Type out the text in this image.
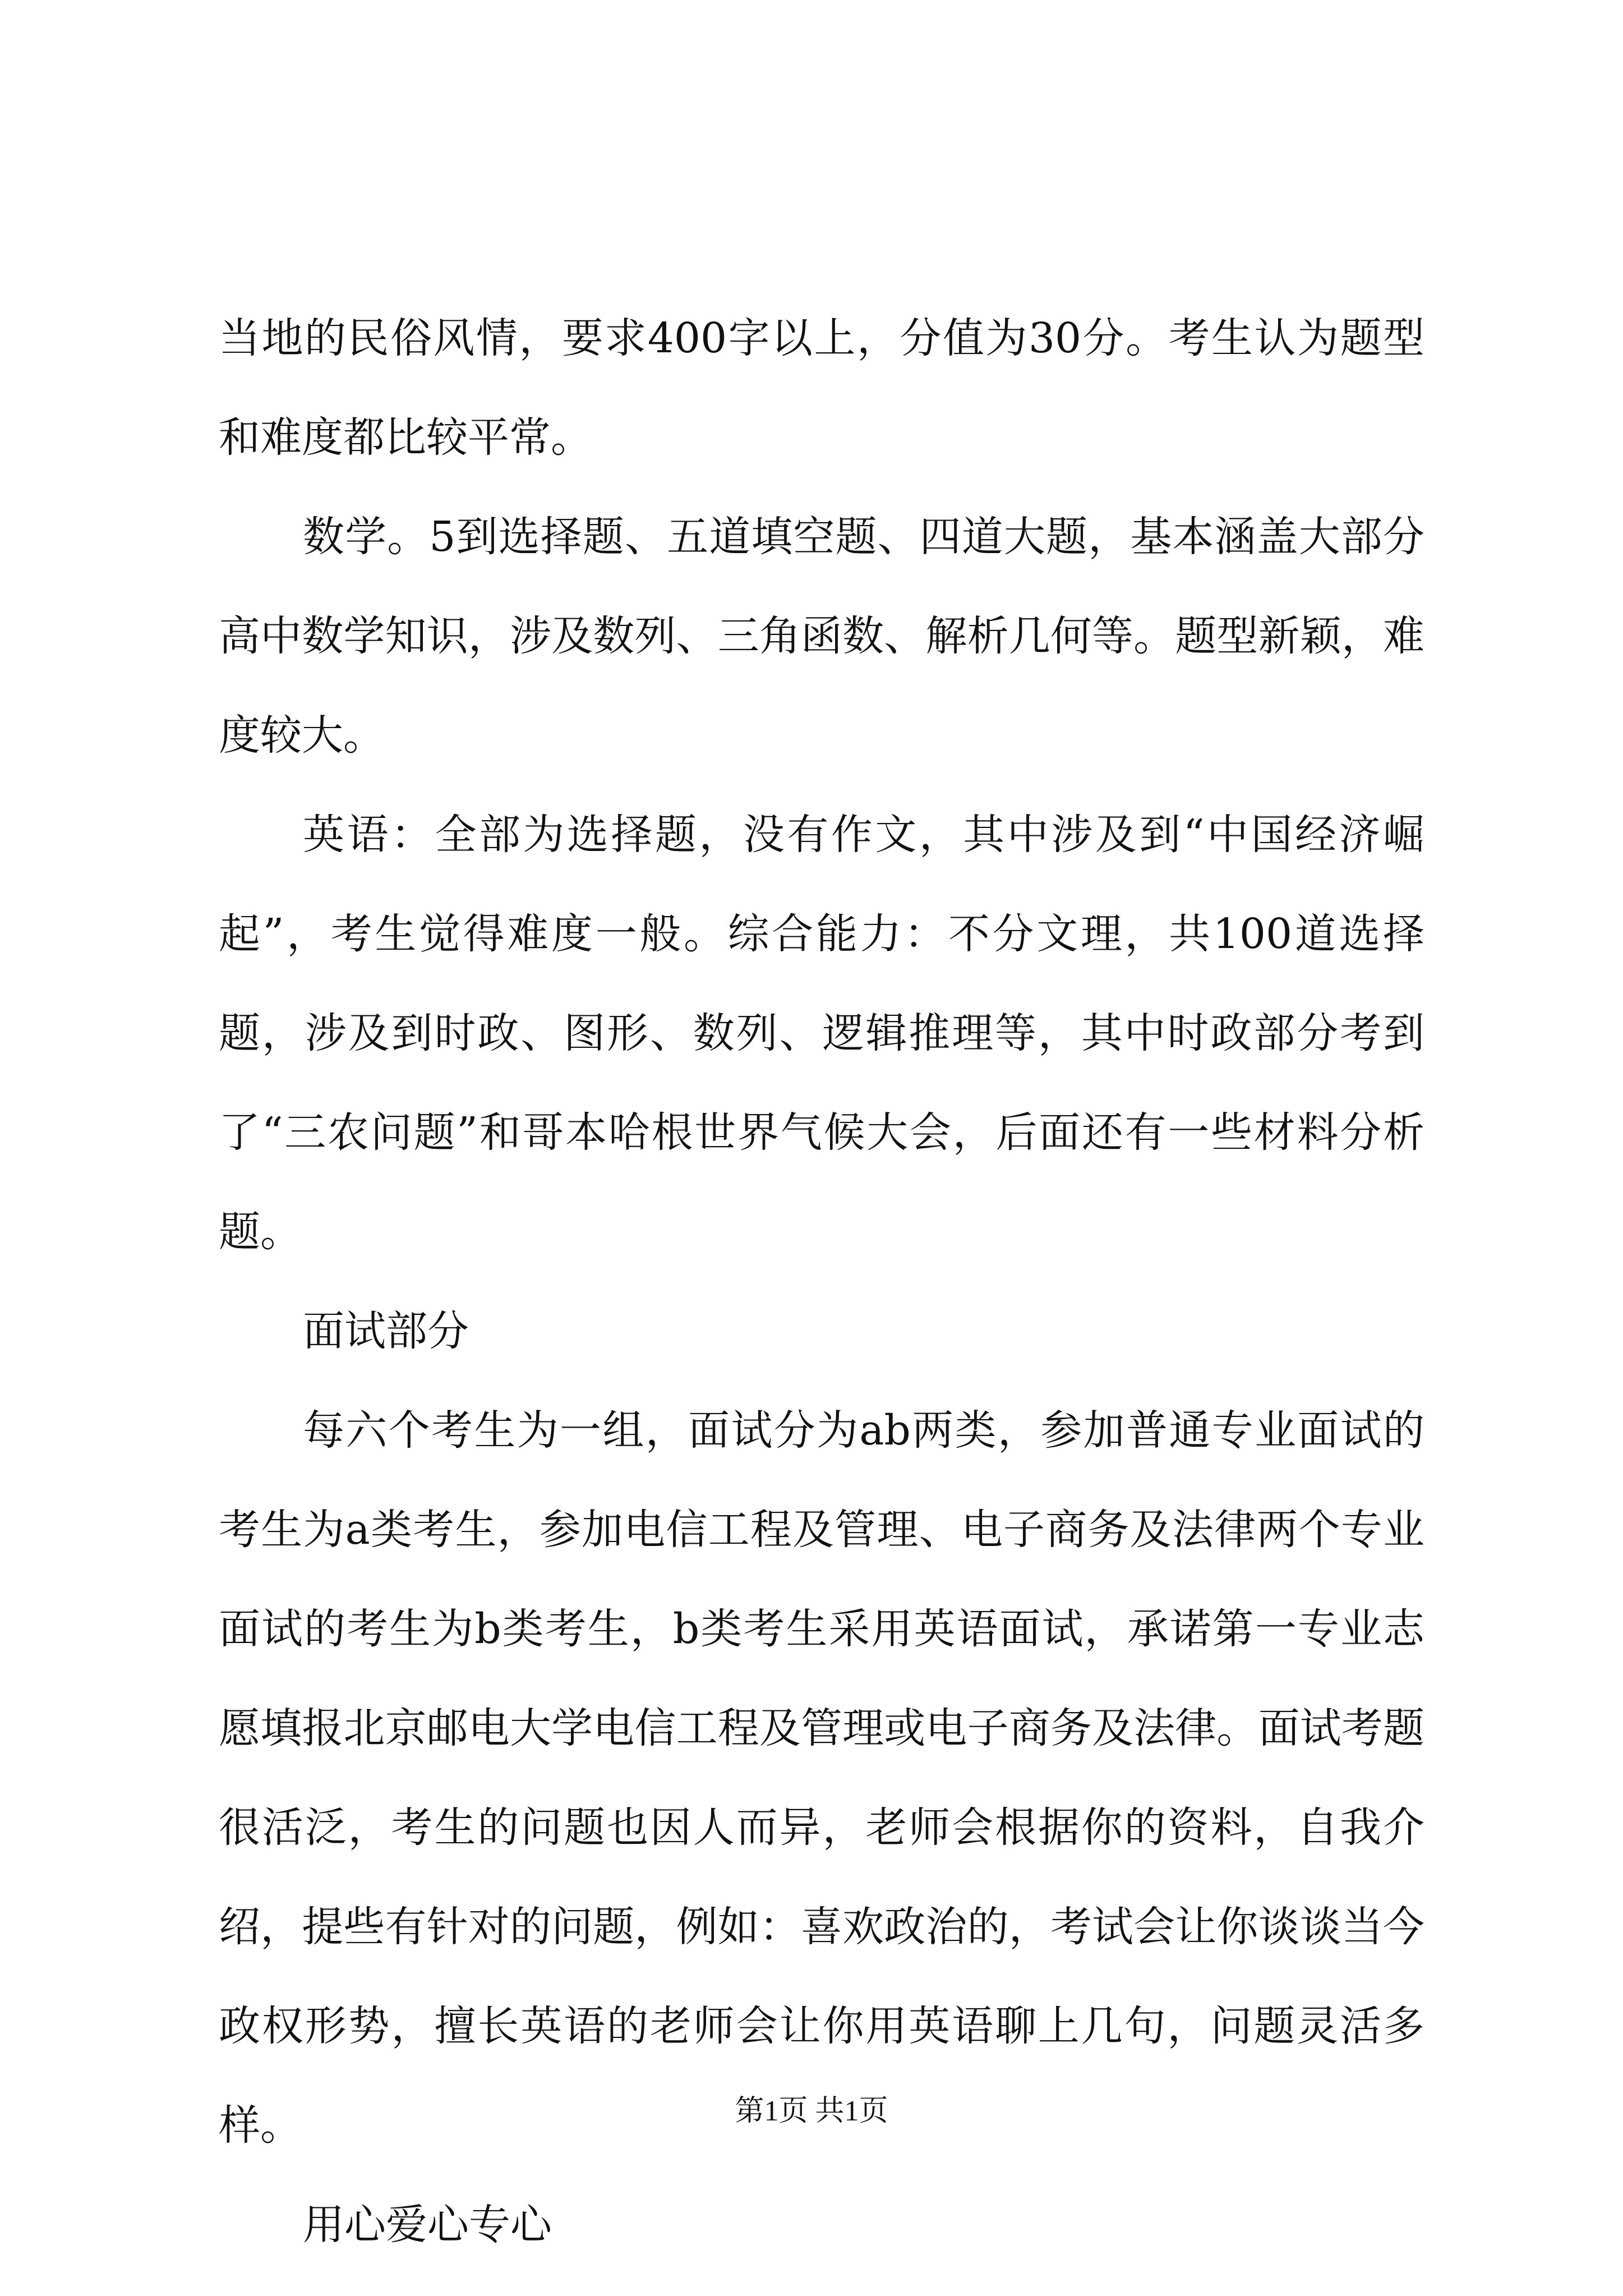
当地的民俗风情，要求400字以上，分值为30分。考生认为题型和难度都比较平常。

数学。5到选择题、五道填空题、四道大题，基本涵盖大部分高中数学知识，涉及数列、三角函数、解析几何等。题型新颖，难度较大。

英语：全部为选择题，没有作文，其中涉及到“中国经济崛起”，考生觉得难度一般。综合能力：不分文理，共100道选择题，涉及到时政、图形、数列、逻辑推理等，其中时政部分考到了“三农问题”和哥本哈根世界气候大会，后面还有一些材料分析题。

面试部分

每六个考生为一组，面试分为ab两类，参加普通专业面试的考生为a类考生，参加电信工程及管理、电子商务及法律两个专业面试的考生为b类考生，b类考生采用英语面试，承诺第一专业志愿填报北京邮电大学电信工程及管理或电子商务及法律。面试考题很活泛，考生的问题也因人而异，老师会根据你的资料，自我介绍，提些有针对的问题，例如：喜欢政治的，考试会让你谈谈当今政权形势，擅长英语的老师会让你用英语聊上几句，问题灵活多样。

用心爱心专心

第1页 共1页
